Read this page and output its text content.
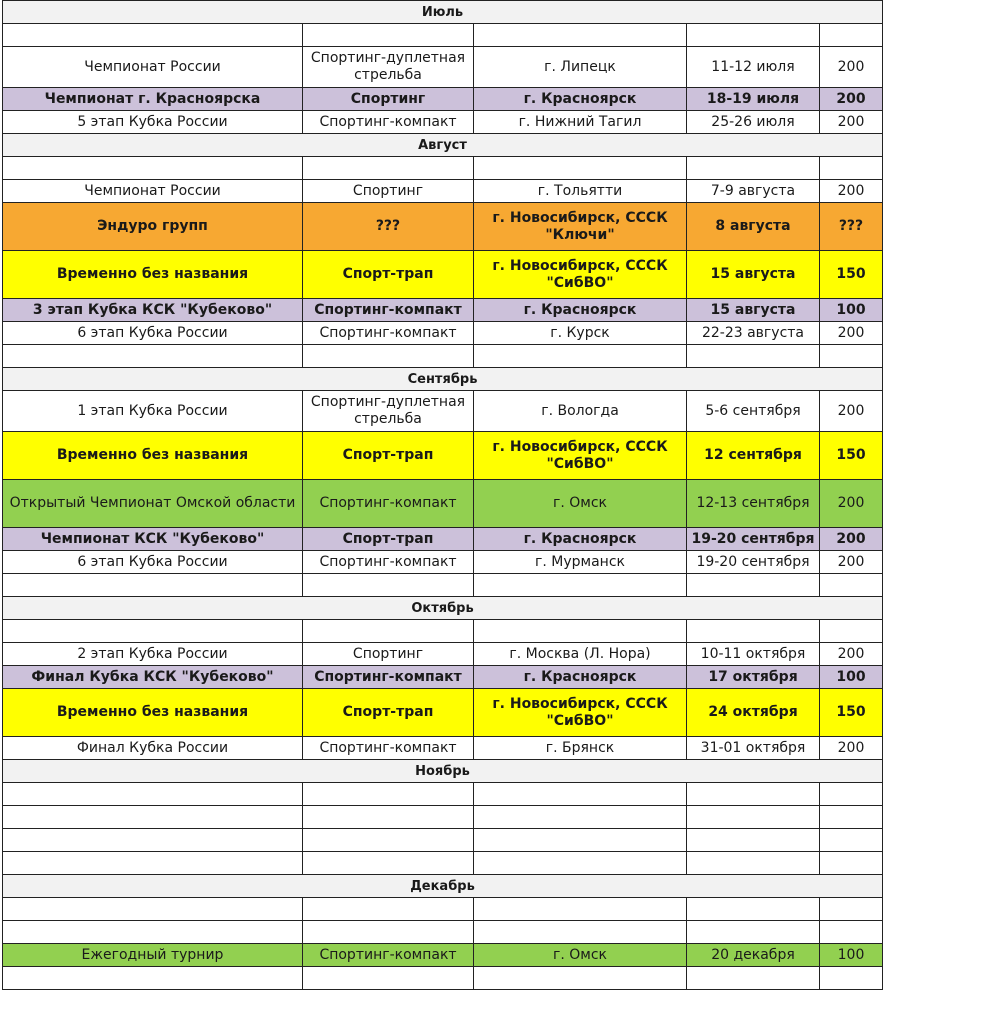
Июль				

Чемпионат России	Спортинг-дуплетная стрельба	г. Липецк	11-12 июля	200
Чемпионат г. Красноярска	Спортинг	г. Красноярск	18-19 июля	200
5 этап Кубка России	Спортинг-компакт	г. Нижний Тагил	25-26 июля	200
Август				

Чемпионат России	Спортинг	г. Тольятти	7-9 августа	200
Эндуро групп	???	г. Новосибирск, СССК "Ключи"	8 августа	???
Временно без названия	Спорт-трап	г. Новосибирск, СССК "СибВО"	15 августа	150
3 этап Кубка КСК "Кубеково"	Спортинг-компакт	г. Красноярск	15 августа	100
6 этап Кубка России	Спортинг-компакт	г. Курск	22-23 августа	200

Сентябрь				
1 этап Кубка России	Спортинг-дуплетная стрельба	г. Вологда	5-6 сентября	200
Временно без названия	Спорт-трап	г. Новосибирск, СССК "СибВО"	12 сентября	150
Открытый Чемпионат Омской области	Спортинг-компакт	г. Омск	12-13 сентября	200
Чемпионат КСК "Кубеково"	Спорт-трап	г. Красноярск	19-20 сентября	200
6 этап Кубка России	Спортинг-компакт	г. Мурманск	19-20 сентября	200

Октябрь				

2 этап Кубка России	Спортинг	г. Москва (Л. Нора)	10-11 октября	200
Финал Кубка КСК "Кубеково"	Спортинг-компакт	г. Красноярск	17 октября	100
Временно без названия	Спорт-трап	г. Новосибирск, СССК "СибВО"	24 октября	150
Финал Кубка России	Спортинг-компакт	г. Брянск	31-01 октября	200
Ноябрь				

Декабрь				

Ежегодный турнир	Спортинг-компакт	г. Омск	20 декабря	100
